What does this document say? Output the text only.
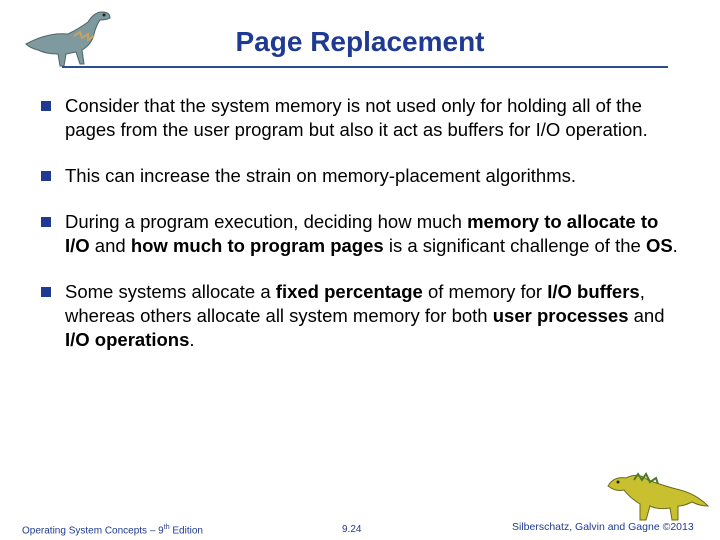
Page Replacement
Consider that the system memory is not used only for holding all of the pages from the user program but also it act as buffers for I/O operation.
This can increase the strain on memory-placement algorithms.
During a program execution, deciding how much memory to allocate to I/O and how much to program pages is a significant challenge of the OS.
Some systems allocate a fixed percentage of memory for I/O buffers, whereas others allocate all system memory for both user processes and I/O operations.
Operating System Concepts – 9th Edition	9.24	Silberschatz, Galvin and Gagne ©2013
